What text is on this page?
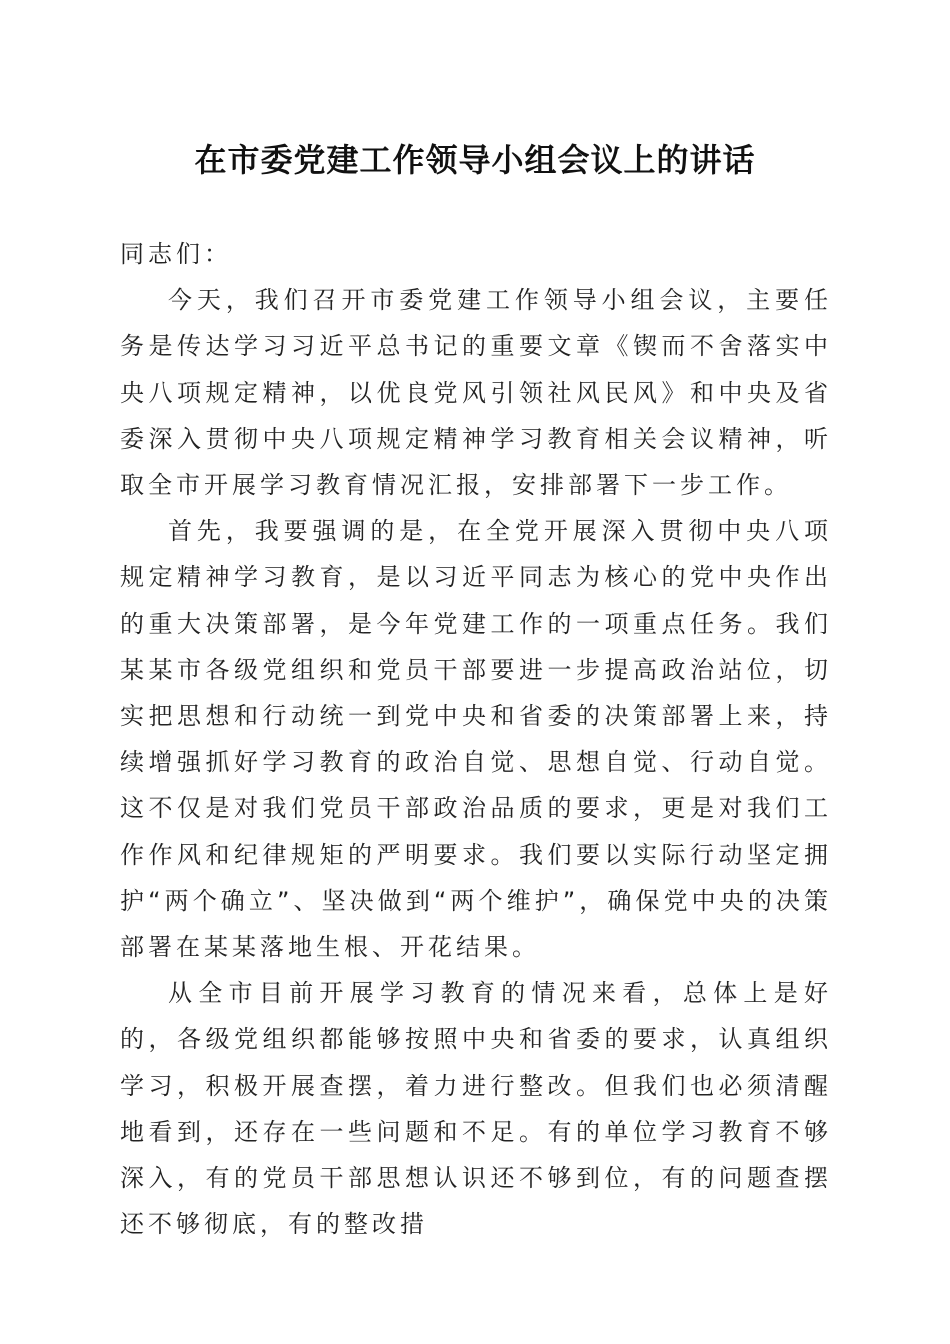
在市委党建工作领导小组会议上的讲话

同志们：

今天，我们召开市委党建工作领导小组会议，主要任务是传达学习习近平总书记的重要文章《锲而不舍落实中央八项规定精神，以优良党风引领社风民风》和中央及省委深入贯彻中央八项规定精神学习教育相关会议精神，听取全市开展学习教育情况汇报，安排部署下一步工作。

首先，我要强调的是，在全党开展深入贯彻中央八项规定精神学习教育，是以习近平同志为核心的党中央作出的重大决策部署，是今年党建工作的一项重点任务。我们某某市各级党组织和党员干部要进一步提高政治站位，切实把思想和行动统一到党中央和省委的决策部署上来，持续增强抓好学习教育的政治自觉、思想自觉、行动自觉。这不仅是对我们党员干部政治品质的要求，更是对我们工作作风和纪律规矩的严明要求。我们要以实际行动坚定拥护“两个确立”、坚决做到“两个维护”，确保党中央的决策部署在某某落地生根、开花结果。

从全市目前开展学习教育的情况来看，总体上是好的，各级党组织都能够按照中央和省委的要求，认真组织学习，积极开展查摆，着力进行整改。但我们也必须清醒地看到，还存在一些问题和不足。有的单位学习教育不够深入，有的党员干部思想认识还不够到位，有的问题查摆还不够彻底，有的整改措
